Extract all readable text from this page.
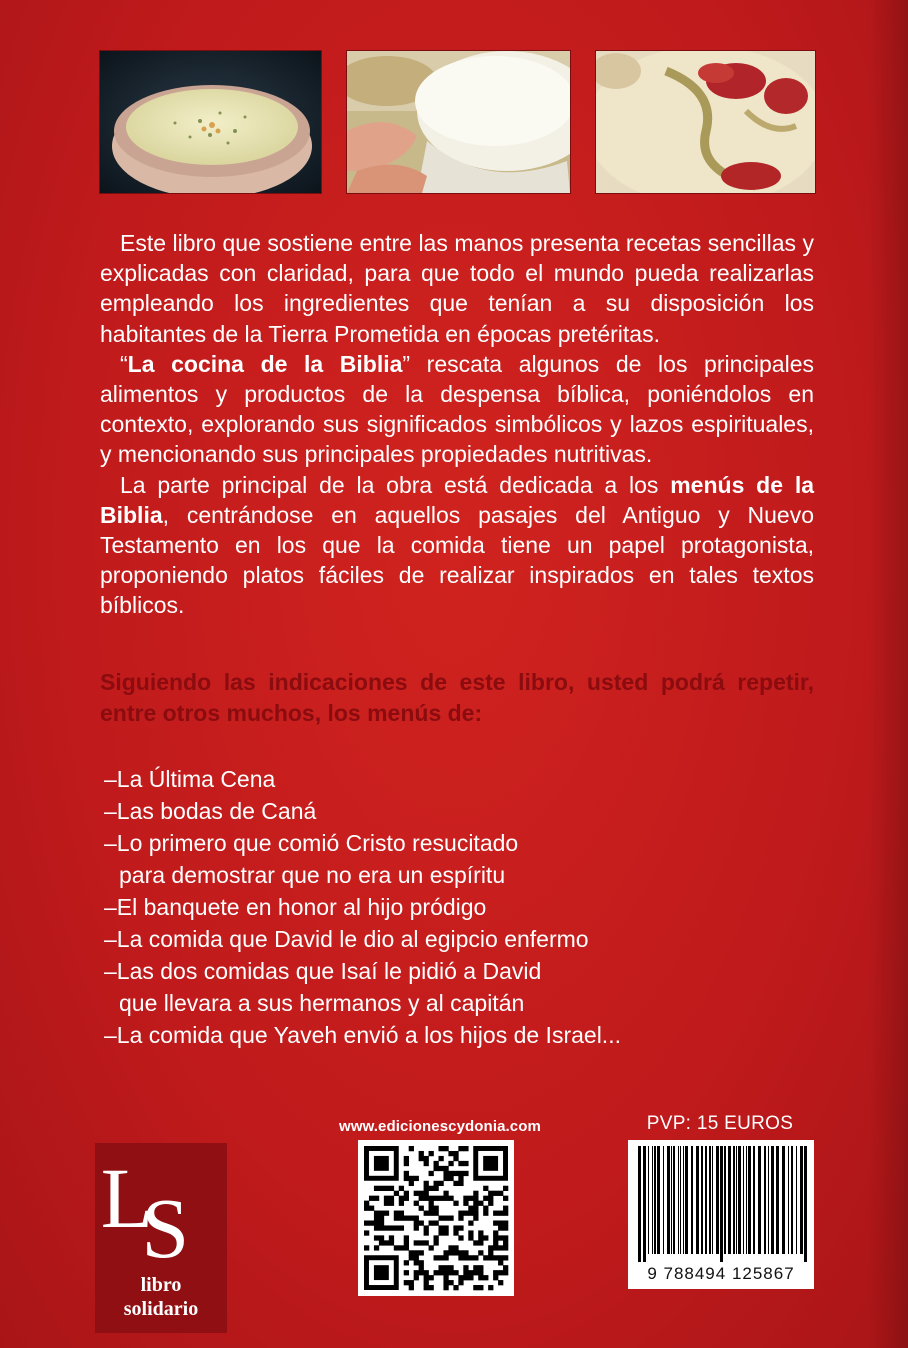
Este libro que sostiene entre las manos presenta recetas sencillas y explicadas con claridad, para que todo el mundo pueda realizarlas empleando los ingredientes que tenían a su disposición los habitantes de la Tierra Prometida en épocas pretéritas.

“La cocina de la Biblia” rescata algunos de los principales alimentos y productos de la despensa bíblica, poniéndolos en contexto, explorando sus significados simbólicos y lazos espirituales, y mencionando sus principales propiedades nutritivas.

La parte principal de la obra está dedicada a los menús de la Biblia, centrándose en aquellos pasajes del Antiguo y Nuevo Testamento en los que la comida tiene un papel protagonista, proponiendo platos fáciles de realizar inspirados en tales textos bíblicos.

Siguiendo las indicaciones de este libro, usted podrá repetir, entre otros muchos, los menús de:
–La Última Cena
–Las bodas de Caná
–Lo primero que comió Cristo resucitado
para demostrar que no era un espíritu
–El banquete en honor al hijo pródigo
–La comida que David le dio al egipcio enfermo
–Las dos comidas que Isaí le pidió a David
que llevara a sus hermanos y al capitán
–La comida que Yaveh envió a los hijos de Israel...
LS
libro
solidario
www.edicionescydonia.com	PVP: 15 EUROS
9 788494 125867
